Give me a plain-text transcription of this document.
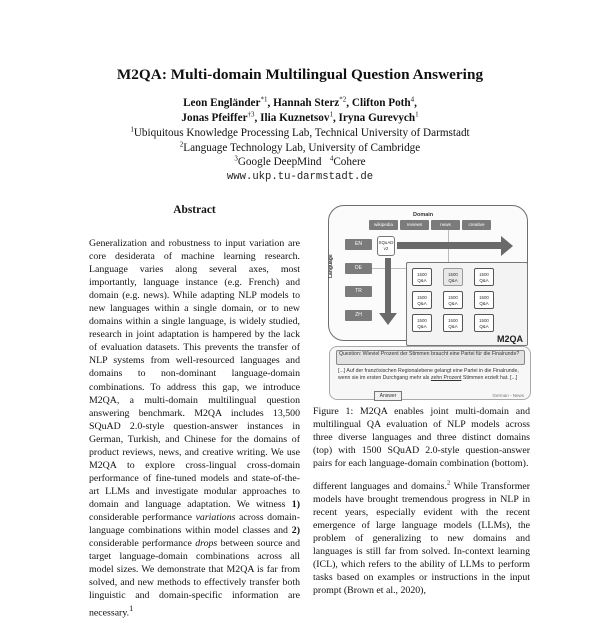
M2QA: Multi-domain Multilingual Question Answering
Leon Engländer$^{*1}$, Hannah Sterz$^{*2}$, Clifton Poth$^4$,
Jonas Pfeiffer$^{\dagger 3}$, Ilia Kuznetsov$^1$, Iryna Gurevych$^1$
$^1$Ubiquitous Knowledge Processing Lab, Technical University of Darmstadt
$^2$Language Technology Lab, University of Cambridge
$^3$Google DeepMind $^4$Cohere
www.ukp.tu-darmstadt.de
Abstract

Generalization and robustness to input variation are core desiderata of machine learning research. Language varies along several axes, most importantly, language instance (e.g. French) and domain (e.g. news). While adapting NLP models to new languages within a single domain, or to new domains within a single language, is widely studied, research in joint adaptation is hampered by the lack of evaluation datasets. This prevents the transfer of NLP systems from well-resourced languages and domains to non-dominant language-domain combinations. To address this gap, we introduce M2QA, a multi-domain multilingual question answering benchmark. M2QA includes 13,500 SQuAD 2.0-style question-answer instances in German, Turkish, and Chinese for the domains of product reviews, news, and creative writing. We use M2QA to explore cross-lingual cross-domain performance of fine-tuned models and state-of-the-art LLMs and investigate modular approaches to domain and language adaptation. We witness 1) considerable performance variations across domain-language combinations within model classes and 2) considerable performance drops between source and target language-domain combinations across all model sizes. We demonstrate that M2QA is far from solved, and new methods to effectively transfer both linguistic and domain-specific information are necessary.$^1$

Domain
wikipedia	reviews	news	creative
Language
EN
DE
TR
ZH
SQuAD
v2
1500
Q&A
1500
Q&A
1500
Q&A
1500
Q&A
1500
Q&A
1500
Q&A
1500
Q&A
1500
Q&A
1500
Q&A
M2QA
Question: Wieviel Prozent der Stimmen braucht eine Partei für die Finalrunde?
[...] Auf der französischen Regionalebene gelangt eine Partei in die Finalrunde, wenn sie im ersten Durchgang mehr als zehn Prozent Stimmen erzielt hat. [...]
Answer	German - News

Figure 1: M2QA enables joint multi-domain and multilingual QA evaluation of NLP models across three diverse languages and three distinct domains (top) with 1500 SQuAD 2.0-style question-answer pairs for each language-domain combination (bottom).

different languages and domains.$^2$ While Transformer models have brought tremendous progress in NLP in recent years, especially evident with the recent emergence of large language models (LLMs), the problem of generalizing to new domains and languages is still far from solved. In-context learning (ICL), which refers to the ability of LLMs to perform tasks based on examples or instructions in the input prompt (Brown et al., 2020),
